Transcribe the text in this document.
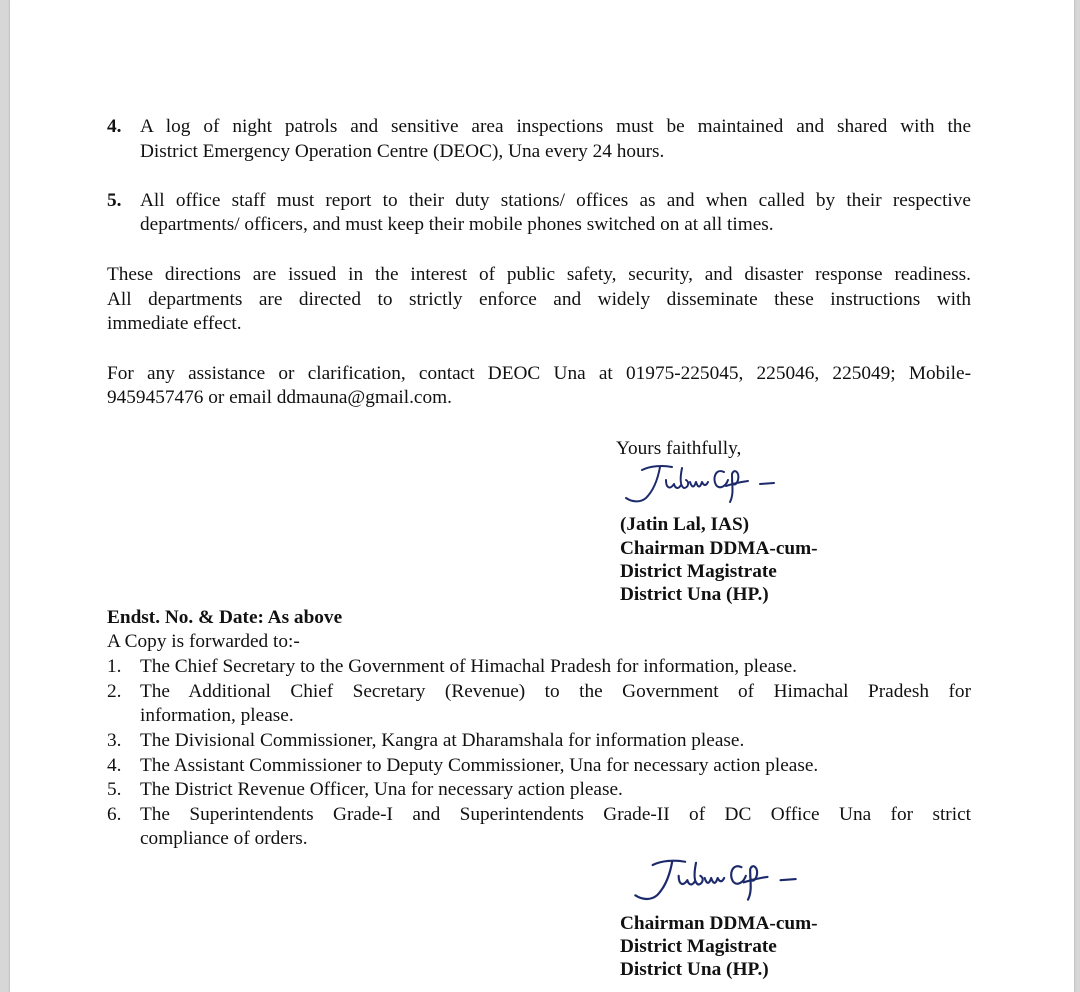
4. A log of night patrols and sensitive area inspections must be maintained and shared with the
District Emergency Operation Centre (DEOC), Una every 24 hours.
5. All office staff must report to their duty stations/ offices as and when called by their respective
departments/ officers, and must keep their mobile phones switched on at all times.
These directions are issued in the interest of public safety, security, and disaster response readiness.
All departments are directed to strictly enforce and widely disseminate these instructions with
immediate effect.
For any assistance or clarification, contact DEOC Una at 01975-225045, 225046, 225049; Mobile-
9459457476 or email ddmauna@gmail.com.
Yours faithfully,
(Jatin Lal, IAS)
Chairman DDMA-cum-
District Magistrate
District Una (HP.)
Endst. No. & Date: As above
A Copy is forwarded to:-
1. The Chief Secretary to the Government of Himachal Pradesh for information, please.
2. The Additional Chief Secretary (Revenue) to the Government of Himachal Pradesh for
information, please.
3. The Divisional Commissioner, Kangra at Dharamshala for information please.
4. The Assistant Commissioner to Deputy Commissioner, Una for necessary action please.
5. The District Revenue Officer, Una for necessary action please.
6. The Superintendents Grade-I and Superintendents Grade-II of DC Office Una for strict
compliance of orders.
Chairman DDMA-cum-
District Magistrate
District Una (HP.)
